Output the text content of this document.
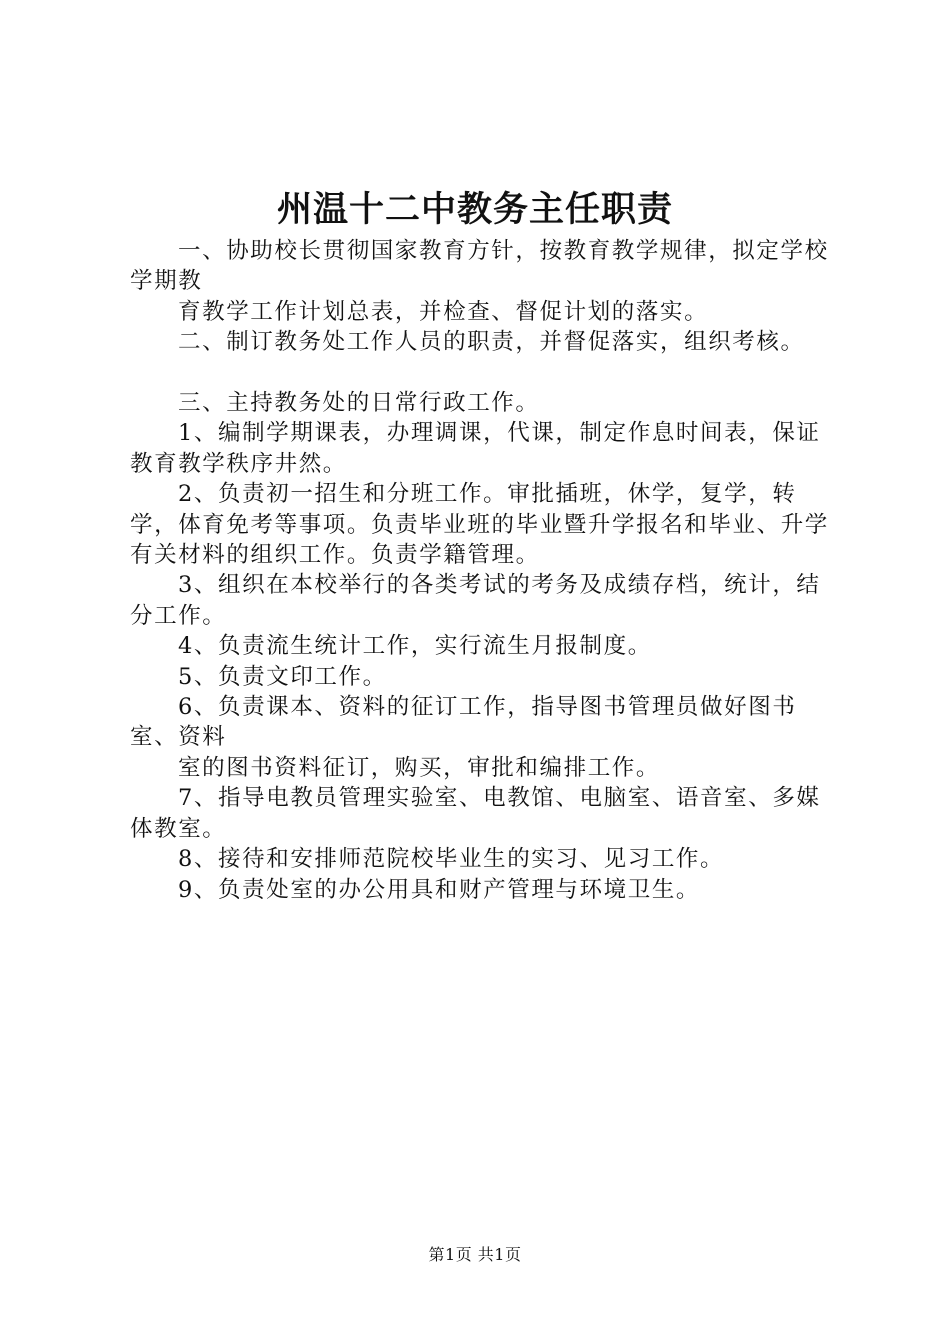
州温十二中教务主任职责

一、协助校长贯彻国家教育方针，按教育教学规律，拟定学校学期教

育教学工作计划总表，并检查、督促计划的落实。

二、制订教务处工作人员的职责，并督促落实，组织考核。

三、主持教务处的日常行政工作。

1、编制学期课表，办理调课，代课，制定作息时间表，保证教育教学秩序井然。

2、负责初一招生和分班工作。审批插班，休学，复学，转学，体育免考等事项。负责毕业班的毕业暨升学报名和毕业、升学有关材料的组织工作。负责学籍管理。

3、组织在本校举行的各类考试的考务及成绩存档，统计，结分工作。

4、负责流生统计工作，实行流生月报制度。

5、负责文印工作。

6、负责课本、资料的征订工作，指导图书管理员做好图书室、资料

室的图书资料征订，购买，审批和编排工作。

7、指导电教员管理实验室、电教馆、电脑室、语音室、多媒体教室。

8、接待和安排师范院校毕业生的实习、见习工作。

9、负责处室的办公用具和财产管理与环境卫生。

第1页 共1页
